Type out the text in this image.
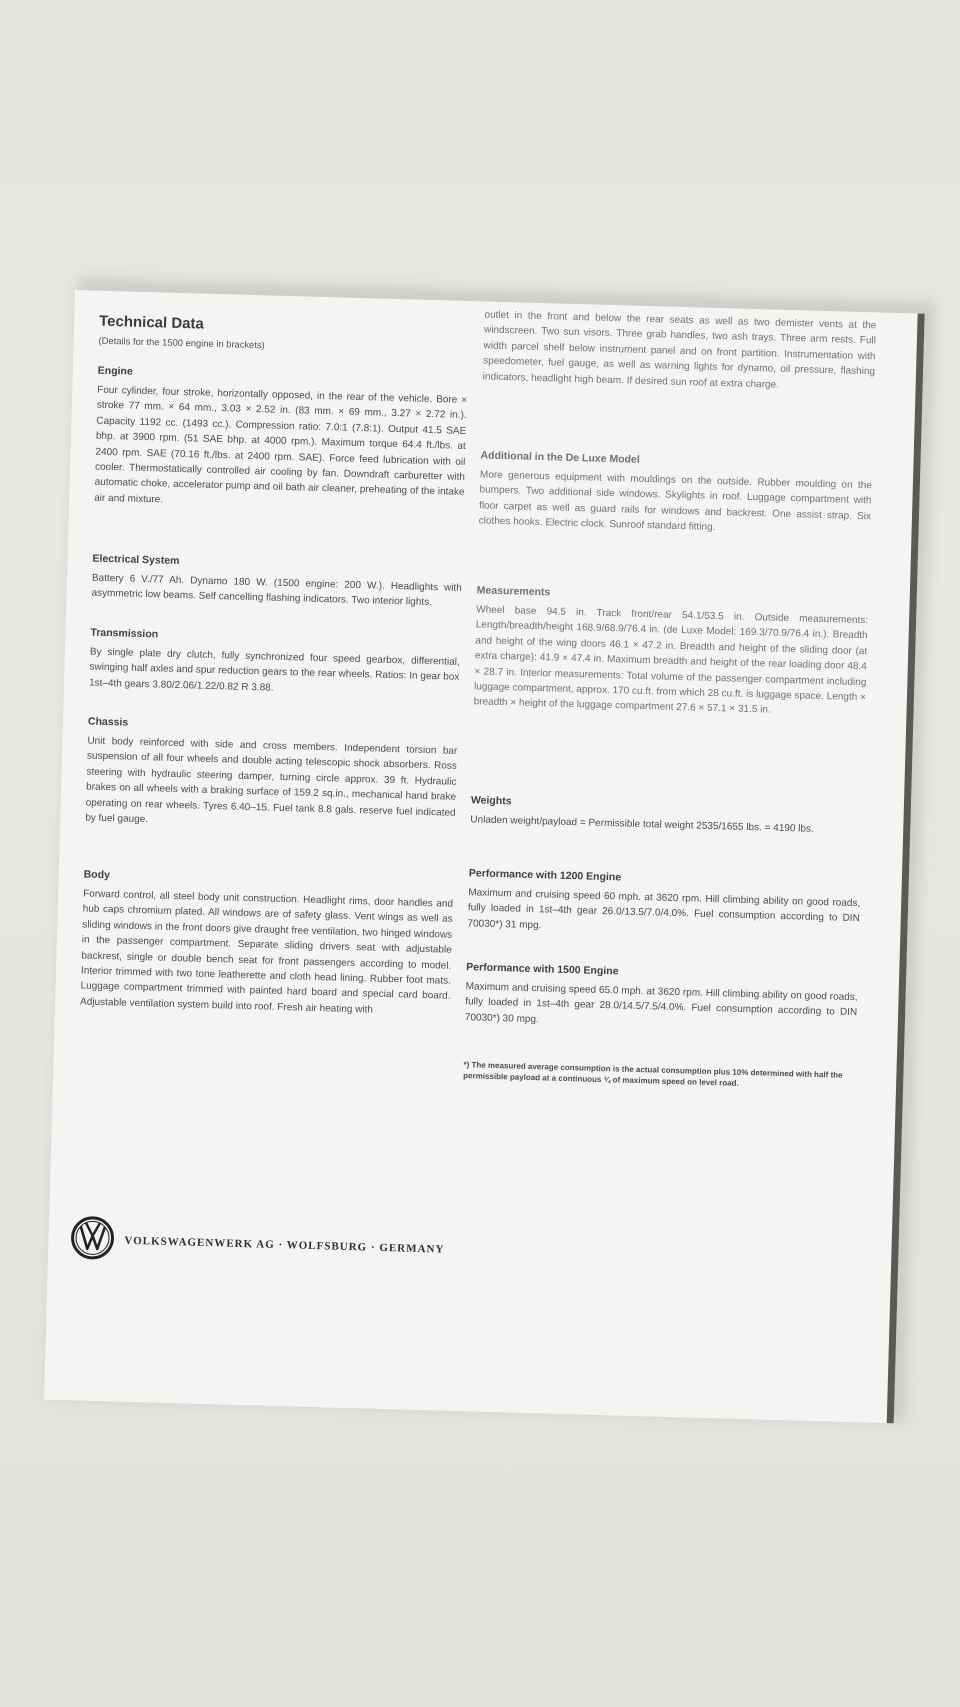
Technical Data
(Details for the 1500 engine in brackets)
Engine

Four cylinder, four stroke, horizontally opposed, in the rear of the vehicle. Bore × stroke 77 mm. × 64 mm., 3.03 × 2.52 in. (83 mm. × 69 mm., 3.27 × 2.72 in.). Capacity 1192 cc. (1493 cc.). Compression ratio: 7.0:1 (7.8:1). Output 41.5 SAE bhp. at 3900 rpm. (51 SAE bhp. at 4000 rpm.). Maximum torque 64.4 ft./lbs. at 2400 rpm. SAE (70.16 ft./lbs. at 2400 rpm. SAE). Force feed lubrication with oil cooler. Thermostatically controlled air cooling by fan. Downdraft carburetter with automatic choke, accelerator pump and oil bath air cleaner, preheating of the intake air and mixture.

Electrical System

Battery 6 V./77 Ah. Dynamo 180 W. (1500 engine: 200 W.). Headlights with asymmetric low beams. Self cancelling flashing indicators. Two interior lights.

Transmission

By single plate dry clutch, fully synchronized four speed gearbox, differential, swinging half axles and spur reduction gears to the rear wheels. Ratios: In gear box 1st–4th gears 3.80/2.06/1.22/0.82 R 3.88.

Chassis

Unit body reinforced with side and cross members. Independent torsion bar suspension of all four wheels and double acting telescopic shock absorbers. Ross steering with hydraulic steering damper, turning circle approx. 39 ft. Hydraulic brakes on all wheels with a braking surface of 159.2 sq.in., mechanical hand brake operating on rear wheels. Tyres 6.40–15. Fuel tank 8.8 gals. reserve fuel indicated by fuel gauge.

Body

Forward control, all steel body unit construction. Headlight rims, door handles and hub caps chromium plated. All windows are of safety glass. Vent wings as well as sliding windows in the front doors give draught free ventilation, two hinged windows in the passenger compartment. Separate sliding drivers seat with adjustable backrest, single or double bench seat for front passengers according to model. Interior trimmed with two tone leatherette and cloth head lining. Rubber foot mats. Luggage compartment trimmed with painted hard board and special card board. Adjustable ventilation system build into roof. Fresh air heating with

outlet in the front and below the rear seats as well as two demister vents at the windscreen. Two sun visors. Three grab handles, two ash trays. Three arm rests. Full width parcel shelf below instrument panel and on front partition. Instrumentation with speedometer, fuel gauge, as well as warning lights for dynamo, oil pressure, flashing indicators, headlight high beam. If desired sun roof at extra charge.

Additional in the De Luxe Model

More generous equipment with mouldings on the outside. Rubber moulding on the bumpers. Two additional side windows. Skylights in roof. Luggage compartment with floor carpet as well as guard rails for windows and backrest. One assist strap. Six clothes hooks. Electric clock. Sunroof standard fitting.

Measurements

Wheel base 94.5 in. Track front/rear 54.1/53.5 in. Outside measurements: Length/breadth/height 168.9/68.9/76.4 in. (de Luxe Model: 169.3/70.9/76.4 in.). Breadth and height of the wing doors 46.1 × 47.2 in. Breadth and height of the sliding door (at extra charge): 41.9 × 47.4 in. Maximum breadth and height of the rear loading door 48.4 × 28.7 in. Interior measurements: Total volume of the passenger compartment including luggage compartment, approx. 170 cu.ft. from which 28 cu.ft. is luggage space. Length × breadth × height of the luggage compartment 27.6 × 57.1 × 31.5 in.

Weights

Unladen weight/payload = Permissible total weight 2535/1655 lbs. = 4190 lbs.

Performance with 1200 Engine

Maximum and cruising speed 60 mph. at 3620 rpm. Hill climbing ability on good roads, fully loaded in 1st–4th gear 26.0/13.5/7.0/4.0%. Fuel consumption according to DIN 70030*) 31 mpg.

Performance with 1500 Engine

Maximum and cruising speed 65.0 mph. at 3620 rpm. Hill climbing ability on good roads, fully loaded in 1st–4th gear 28.0/14.5/7.5/4.0%. Fuel consumption according to DIN 70030*) 30 mpg.

*) The measured average consumption is the actual consumption plus 10% determined with half the permissible payload at a continuous ¾ of maximum speed on level road.

VOLKSWAGENWERK AG · WOLFSBURG · GERMANY
